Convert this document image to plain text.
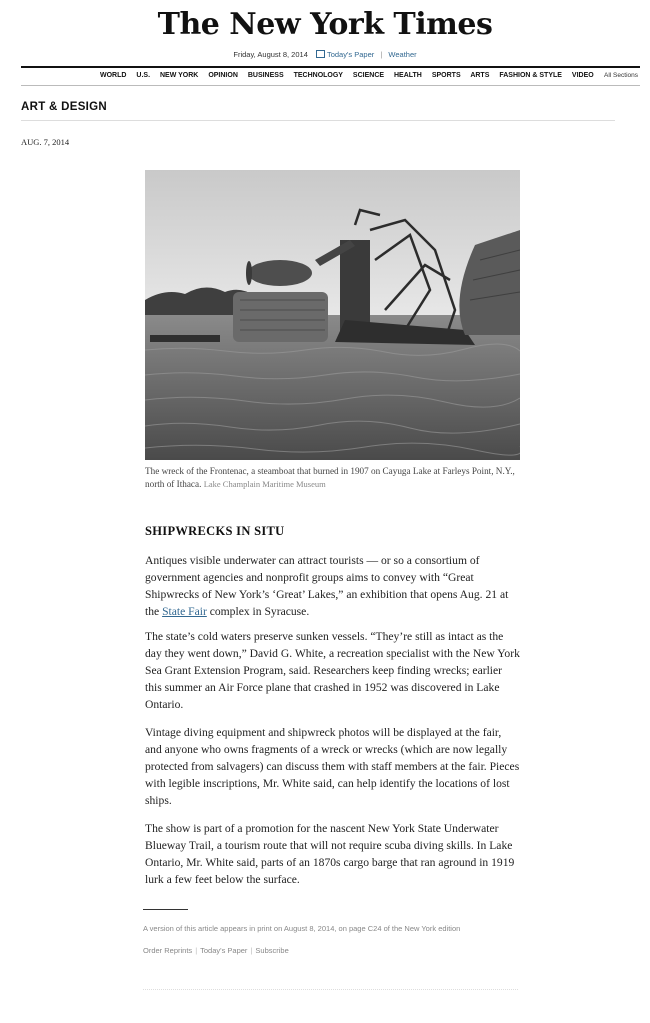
The New York Times
Friday, August 8, 2014	Today's Paper | Weather
WORLD U.S. NEW YORK OPINION BUSINESS TECHNOLOGY SCIENCE HEALTH SPORTS ARTS FASHION & STYLE VIDEO	All Sections
ART & DESIGN
AUG. 7, 2014
The wreck of the Frontenac, a steamboat that burned in 1907 on Cayuga Lake at Farleys Point, N.Y., north of Ithaca. Lake Champlain Maritime Museum
SHIPWRECKS IN SITU

Antiques visible underwater can attract tourists — or so a consortium of government agencies and nonprofit groups aims to convey with “Great Shipwrecks of New York’s ‘Great’ Lakes,” an exhibition that opens Aug. 21 at the State Fair complex in Syracuse.

The state’s cold waters preserve sunken vessels. “They’re still as intact as the day they went down,” David G. White, a recreation specialist with the New York Sea Grant Extension Program, said. Researchers keep finding wrecks; earlier this summer an Air Force plane that crashed in 1952 was discovered in Lake Ontario.

Vintage diving equipment and shipwreck photos will be displayed at the fair, and anyone who owns fragments of a wreck or wrecks (which are now legally protected from salvagers) can discuss them with staff members at the fair. Pieces with legible inscriptions, Mr. White said, can help identify the locations of lost ships.

The show is part of a promotion for the nascent New York State Underwater Blueway Trail, a tourism route that will not require scuba diving skills. In Lake Ontario, Mr. White said, parts of an 1870s cargo barge that ran aground in 1919 lurk a few feet below the surface.

A version of this article appears in print on August 8, 2014, on page C24 of the New York edition
Order Reprints | Today's Paper | Subscribe
